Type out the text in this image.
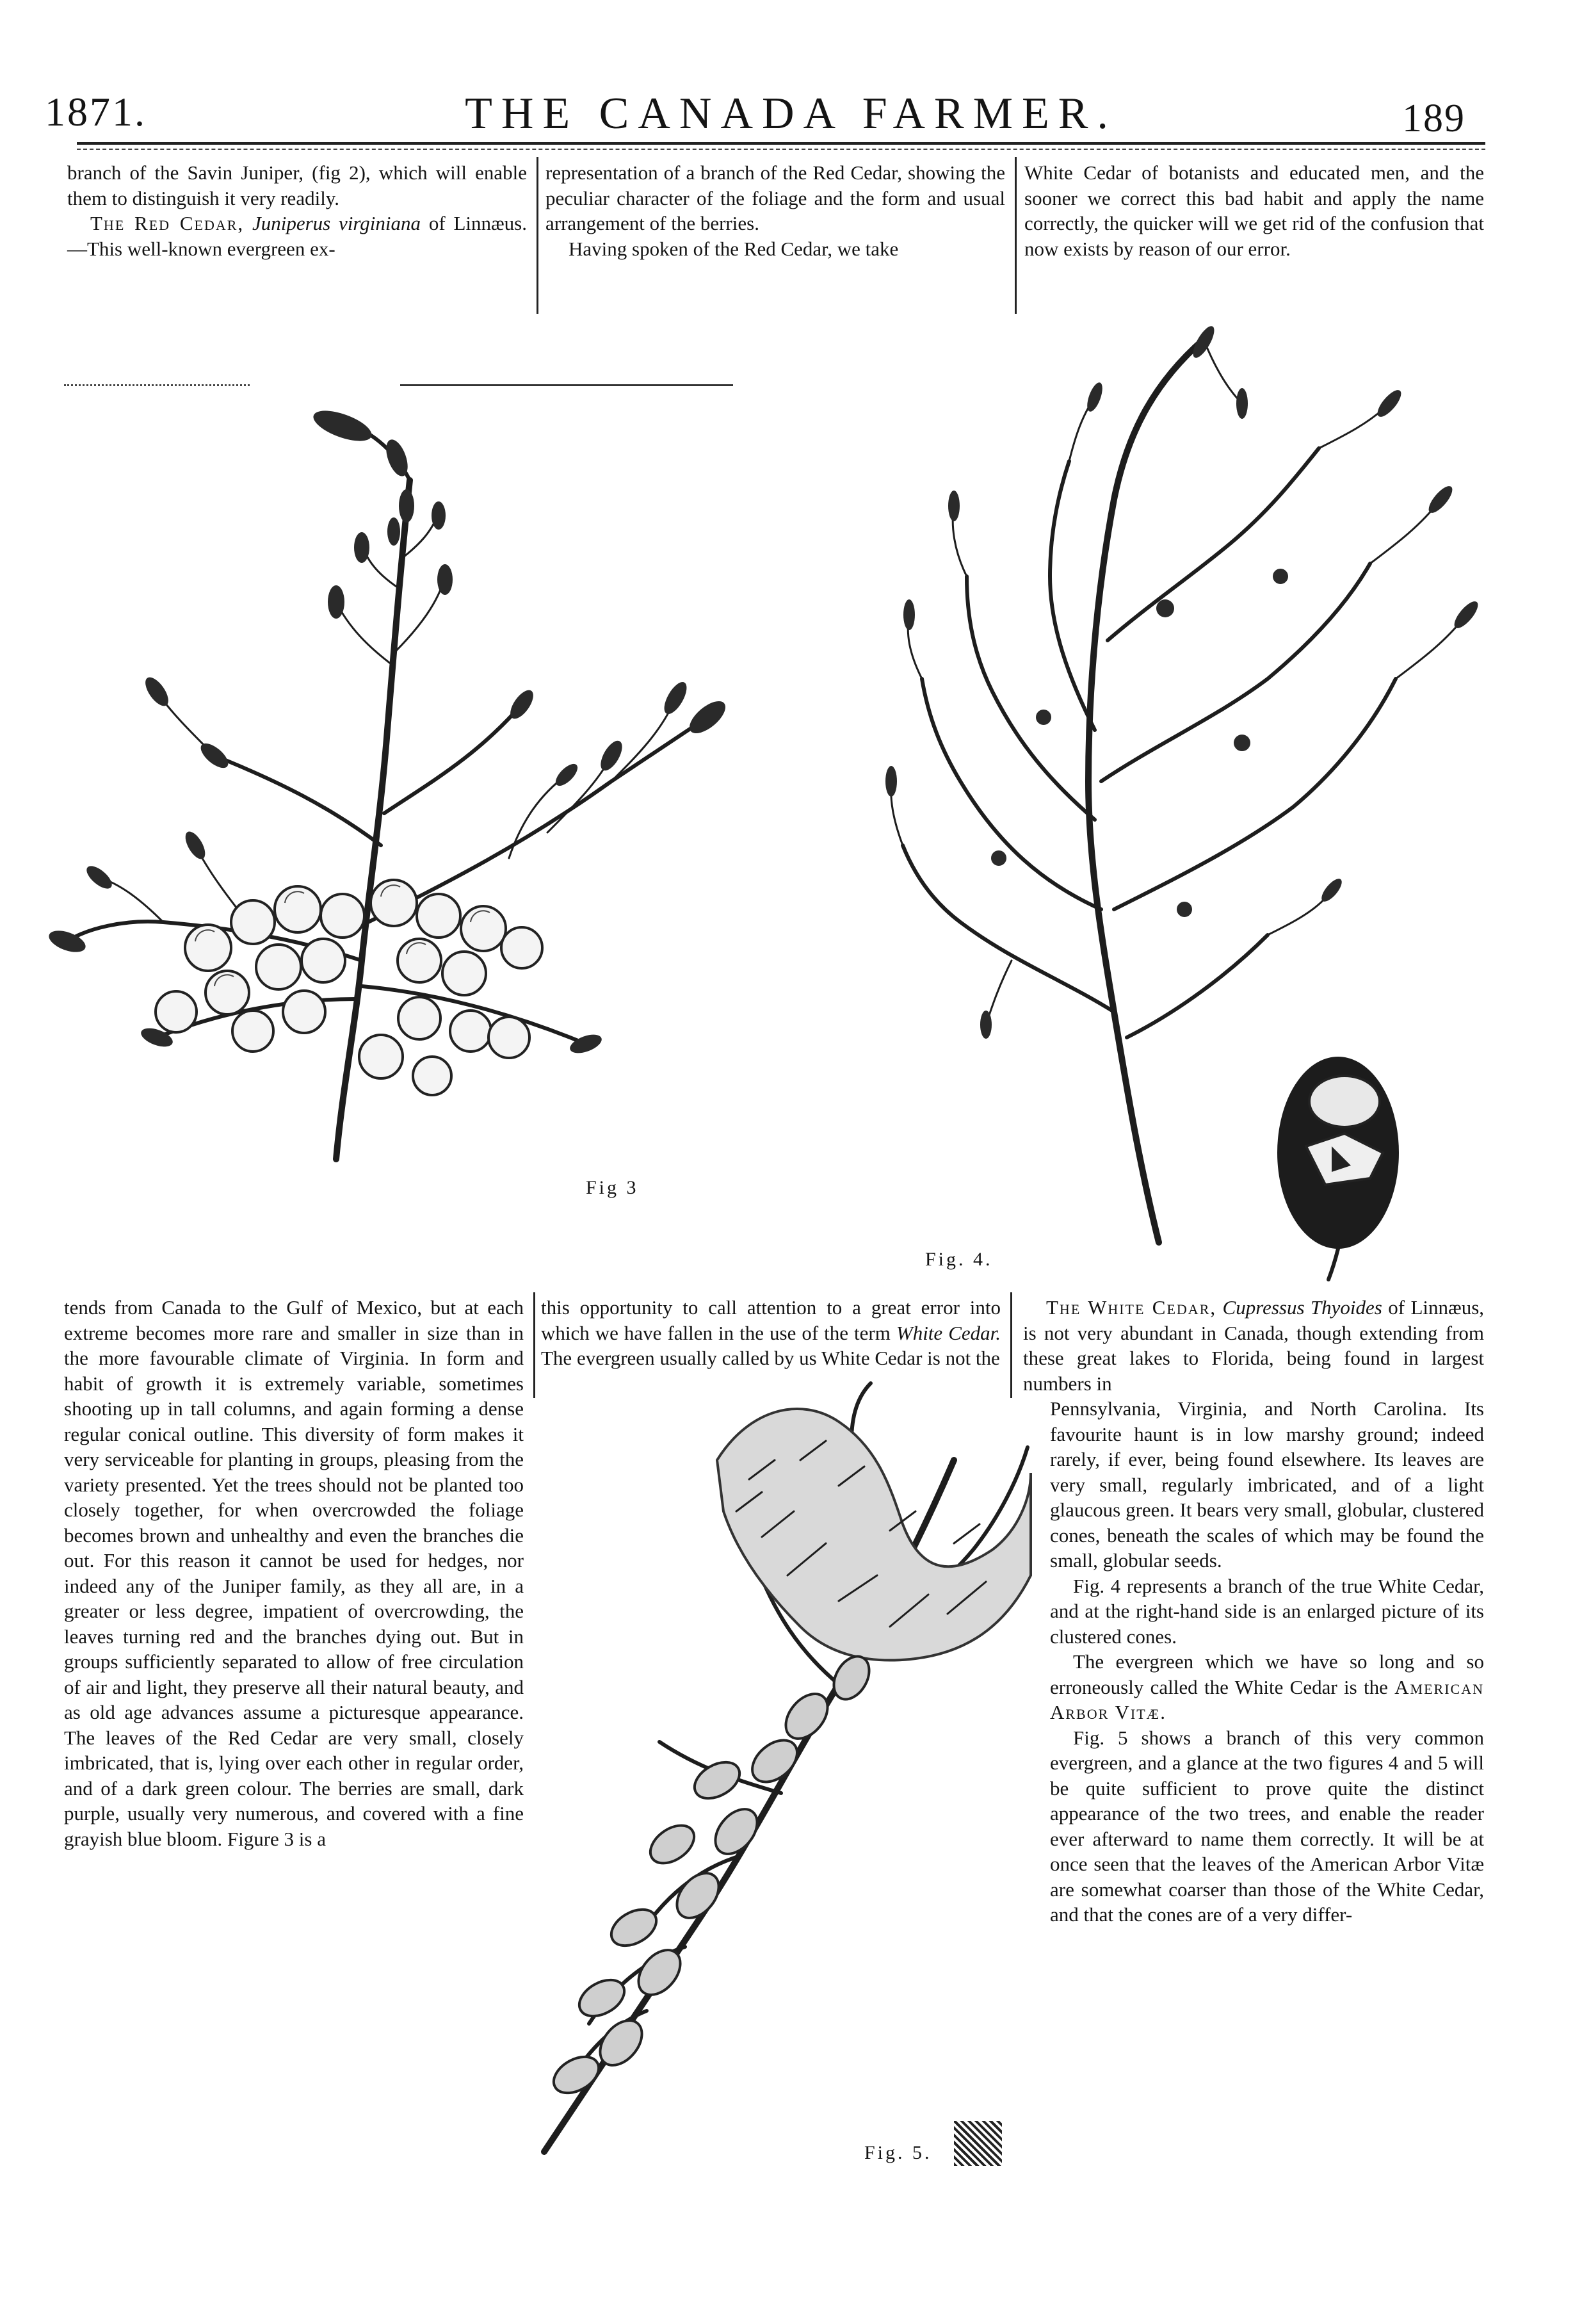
1871.	THE CANADA FARMER.	189

branch of the Savin Juniper, (fig 2), which will enable them to distinguish it very readily.

The Red Cedar, Juniperus virginiana of Linnæus.—This well-known evergreen ex-

representation of a branch of the Red Cedar, showing the peculiar character of the foliage and the form and usual arrangement of the berries.

Having spoken of the Red Cedar, we take

White Cedar of botanists and educated men, and the sooner we correct this bad habit and apply the name correctly, the quicker will we get rid of the confusion that now exists by reason of our error.

Fig 3
Fig. 4.

tends from Canada to the Gulf of Mexico, but at each extreme becomes more rare and smaller in size than in the more favourable climate of Virginia. In form and habit of growth it is extremely variable, sometimes shooting up in tall columns, and again forming a dense regular conical outline. This diversity of form makes it very serviceable for planting in groups, pleasing from the variety presented. Yet the trees should not be planted too closely together, for when overcrowded the foliage becomes brown and unhealthy and even the branches die out. For this reason it cannot be used for hedges, nor indeed any of the Juniper family, as they all are, in a greater or less degree, impatient of overcrowding, the leaves turning red and the branches dying out. But in groups sufficiently separated to allow of free circulation of air and light, they preserve all their natural beauty, and as old age advances assume a picturesque appearance. The leaves of the Red Cedar are very small, closely imbricated, that is, lying over each other in regular order, and of a dark green colour. The berries are small, dark purple, usually very numerous, and covered with a fine grayish blue bloom. Figure 3 is a

this opportunity to call attention to a great error into which we have fallen in the use of the term White Cedar. The evergreen usually called by us White Cedar is not the

The White Cedar, Cupressus Thyoides of Linnæus, is not very abundant in Canada, though extending from these great lakes to Florida, being found in largest numbers in

Pennsylvania, Virginia, and North Carolina. Its favourite haunt is in low marshy ground; indeed rarely, if ever, being found elsewhere. Its leaves are very small, regularly imbricated, and of a light glaucous green. It bears very small, globular, clustered cones, beneath the scales of which may be found the small, globular seeds.

Fig. 4 represents a branch of the true White Cedar, and at the right-hand side is an enlarged picture of its clustered cones.

The evergreen which we have so long and so erroneously called the White Cedar is the American Arbor Vitæ.

Fig. 5 shows a branch of this very common evergreen, and a glance at the two figures 4 and 5 will be quite sufficient to prove quite the distinct appearance of the two trees, and enable the reader ever afterward to name them correctly. It will be at once seen that the leaves of the American Arbor Vitæ are somewhat coarser than those of the White Cedar, and that the cones are of a very differ-

Fig. 5.
